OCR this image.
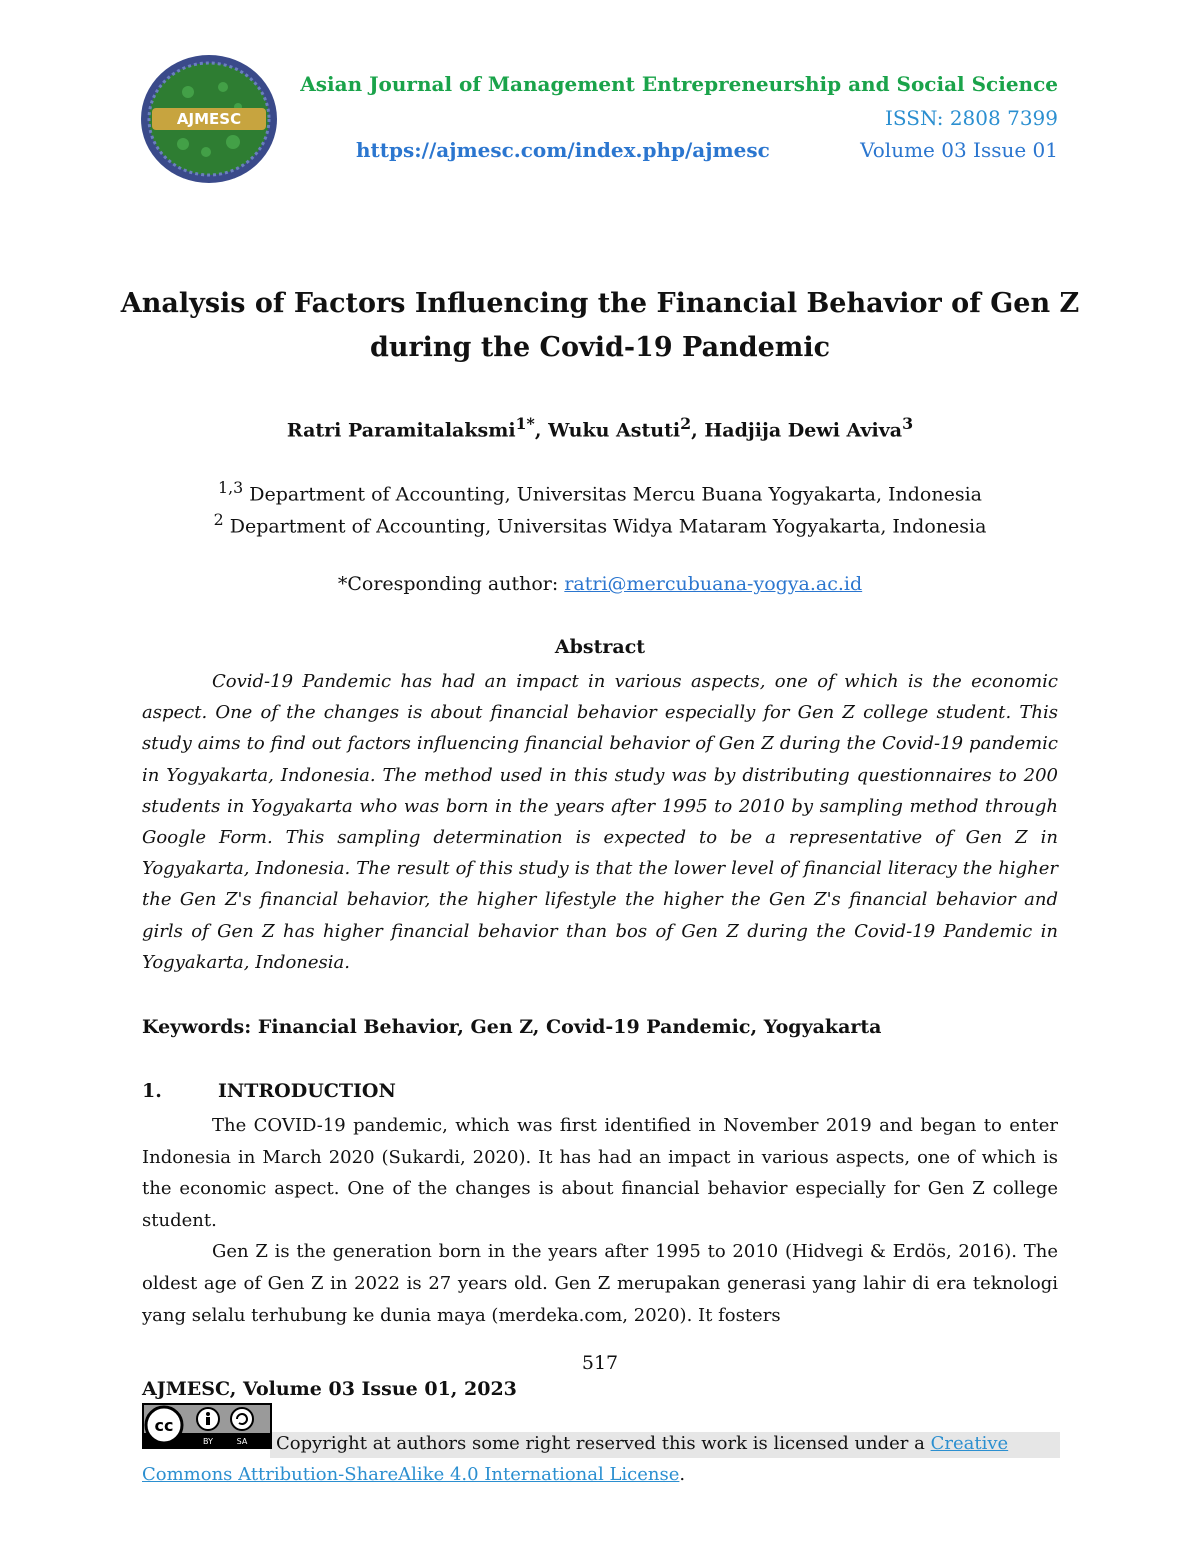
AJMESC
Asian Journal of Management Entrepreneurship and Social Science
ISSN: 2808 7399
https://ajmesc.com/index.php/ajmesc	Volume 03 Issue 01
Analysis of Factors Influencing the Financial Behavior of Gen Z
during the Covid-19 Pandemic
Ratri Paramitalaksmi$^{1*}$, Wuku Astuti$^2$, Hadjija Dewi Aviva$^3$
$^{1,3}$ Department of Accounting, Universitas Mercu Buana Yogyakarta, Indonesia
$^2$ Department of Accounting, Universitas Widya Mataram Yogyakarta, Indonesia
*Coresponding author: ratri@mercubuana-yogya.ac.id
Abstract

Covid-19 Pandemic has had an impact in various aspects, one of which is the economic aspect. One of the changes is about financial behavior especially for Gen Z college student. This study aims to find out factors influencing financial behavior of Gen Z during the Covid-19 pandemic in Yogyakarta, Indonesia. The method used in this study was by distributing questionnaires to 200 students in Yogyakarta who was born in the years after 1995 to 2010 by sampling method through Google Form. This sampling determination is expected to be a representative of Gen Z in Yogyakarta, Indonesia. The result of this study is that the lower level of financial literacy the higher the Gen Z's financial behavior, the higher lifestyle the higher the Gen Z's financial behavior and girls of Gen Z has higher financial behavior than bos of Gen Z during the Covid-19 Pandemic in Yogyakarta, Indonesia.

Keywords: Financial Behavior, Gen Z, Covid-19 Pandemic, Yogyakarta
1.	INTRODUCTION

The COVID-19 pandemic, which was first identified in November 2019 and began to enter Indonesia in March 2020 (Sukardi, 2020). It has had an impact in various aspects, one of which is the economic aspect. One of the changes is about financial behavior especially for Gen Z college student.

Gen Z is the generation born in the years after 1995 to 2010 (Hidvegi & Erdös, 2016). The oldest age of Gen Z in 2022 is 27 years old. Gen Z merupakan generasi yang lahir di era teknologi yang selalu terhubung ke dunia maya (merdeka.com, 2020). It fosters

517
AJMESC, Volume 03 Issue 01, 2023
cc
BY	SA	Copyright at authors some right reserved this work is licensed under a Creative Commons Attribution-ShareAlike 4.0 International License.
